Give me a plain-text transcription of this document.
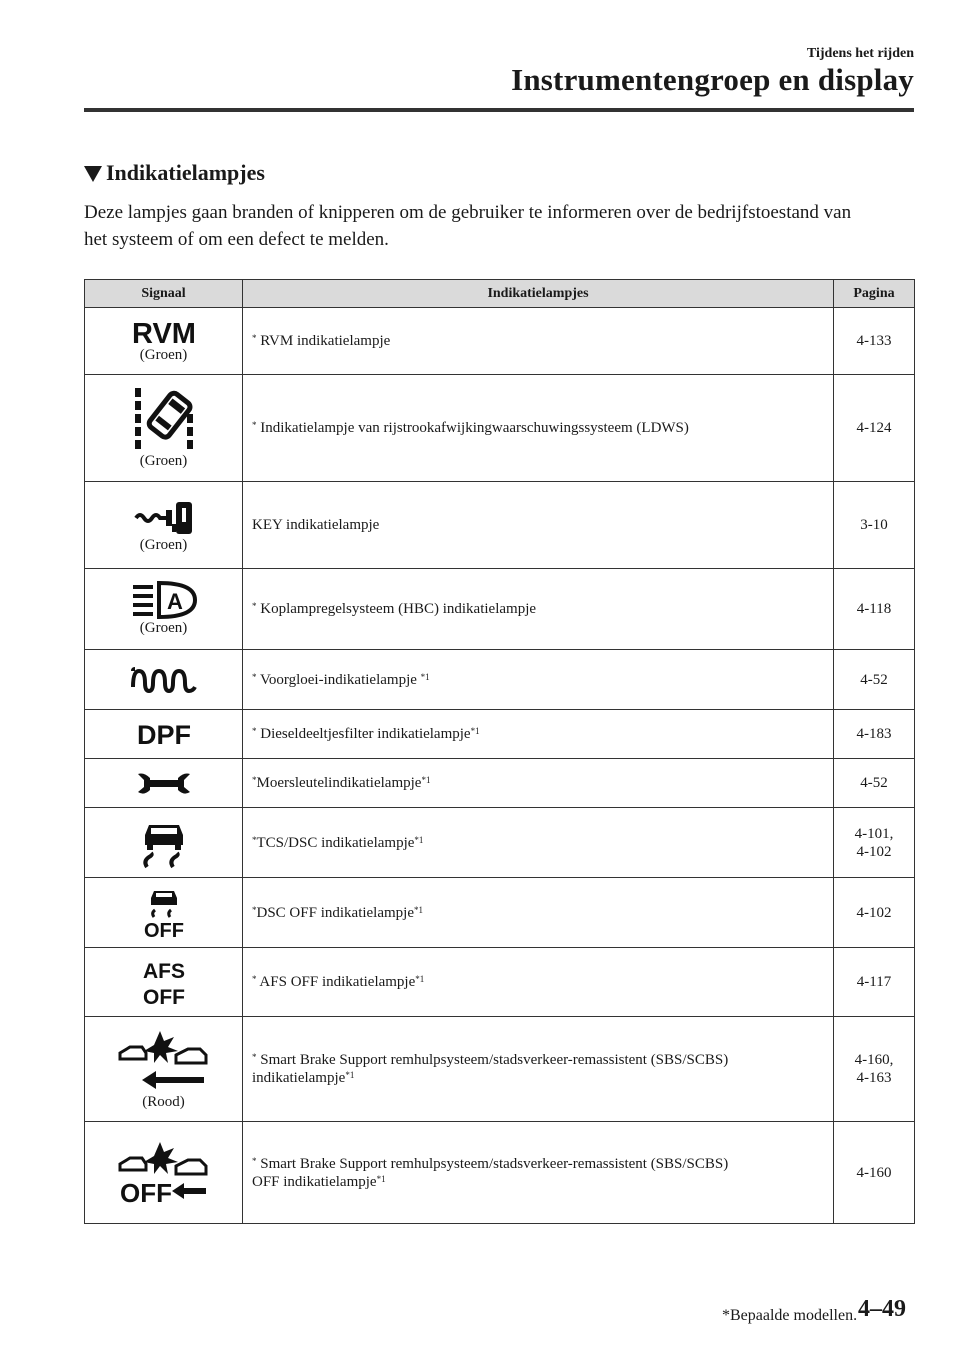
Tijdens het rijden
Instrumentengroep en display
Indikatielampjes
Deze lampjes gaan branden of knipperen om de gebruiker te informeren over de bedrijfstoestand van het systeem of om een defect te melden.
Signaal	Indikatielampjes	Pagina

RVM
(Groen)	* RVM indikatielampje	4-133

(Groen)	* Indikatielampje van rijstrookafwijkingwaarschuwingssysteem (LDWS)	4-124

(Groen)	KEY indikatielampje	3-10

A
(Groen)	* Koplampregelsysteem (HBC) indikatielampje	4-118

	* Voorgloei-indikatielampje $^{*1}$	4-52

DPF	* Dieseldeeltjesfilter indikatielampje$^{*1}$	4-183

	*Moersleutelindikatielampje$^{*1}$	4-52

	*TCS/DSC indikatielampje$^{*1}$	4-101,
4-102

OFF	*DSC OFF indikatielampje$^{*1}$	4-102

AFS
OFF	* AFS OFF indikatielampje$^{*1}$	4-117

(Rood)	* Smart Brake Support remhulpsysteem/stadsverkeer-remassistent (SBS/SCBS)
indikatielampje$^{*1}$	4-160,
4-163

OFF	* Smart Brake Support remhulpsysteem/stadsverkeer-remassistent (SBS/SCBS)
OFF indikatielampje$^{*1}$	4-160
*Bepaalde modellen. 4–49
